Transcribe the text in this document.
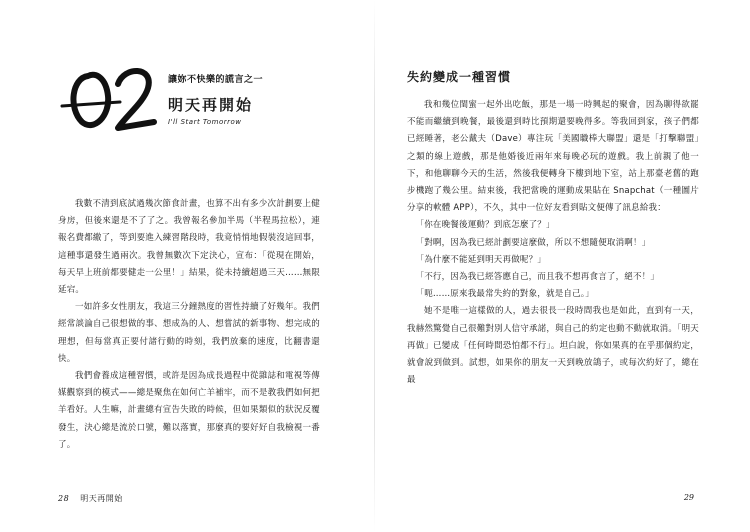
讓妳不快樂的謊言之一
明天再開始
I'll Start Tomorrow

我數不清到底試過幾次節食計畫，也算不出有多少次計劃要上健身房，但後來還是不了了之。我曾報名參加半馬（半程馬拉松），連報名費都繳了，等到要進入練習階段時，我竟悄悄地假裝沒這回事，這種事還發生過兩次。我曾無數次下定決心，宣布：「從現在開始，每天早上班前都要健走一公里！」結果，從未持續超過三天……無限延宕。

一如許多女性朋友，我這三分鐘熱度的習性持續了好幾年。我們經常談論自己很想做的事、想成為的人、想嘗試的新事物、想完成的理想，但每當真正要付諸行動的時刻，我們放棄的速度，比翻書還快。

我們會養成這種習慣，或許是因為成長過程中從雜誌和電視等傳媒觀察到的模式——總是聚焦在如何亡羊補牢，而不是教我們如何把羊看好。人生嘛，計畫總有宣告失敗的時候，但如果類似的狀況反覆發生，決心總是流於口號，難以落實，那麼真的要好好自我檢視一番了。

28 明天再開始
失約變成一種習慣

我和幾位閨蜜一起外出吃飯，那是一場一時興起的聚會，因為聊得欲罷不能而繼續到晚餐，最後還到時比預期還要晚得多。等我回到家，孩子們都已經睡著，老公戴夫（Dave）專注玩「美國職棒大聯盟」還是「打擊聯盟」之類的線上遊戲，那是他婚後近兩年來每晚必玩的遊戲。我上前親了他一下，和他聊聊今天的生活，然後我便轉身下樓到地下室，站上那臺老舊的跑步機跑了幾公里。結束後，我把當晚的運動成果貼在 Snapchat（一種圖片分享的軟體 APP），不久，其中一位好友看到貼文便傳了訊息給我：

「你在晚餐後運動？到底怎麼了？」

「對啊，因為我已經計劃要這麼做，所以不想隨便取消啊！」

「為什麼不能延到明天再做呢？」

「不行，因為我已經答應自己，而且我不想再食言了，絕不！」

「呃……原來我最常失約的對象，就是自己。」

她不是唯一這樣做的人，過去很長一段時間我也是如此，直到有一天，我赫然驚覺自己很難對別人信守承諾，與自己的約定也動不動就取消。「明天再做」已變成「任何時間恐怕都不行」。坦白說，你如果真的在乎那個約定，就會說到做到。試想，如果你的朋友一天到晚放鴿子，或每次約好了，總在最

29
